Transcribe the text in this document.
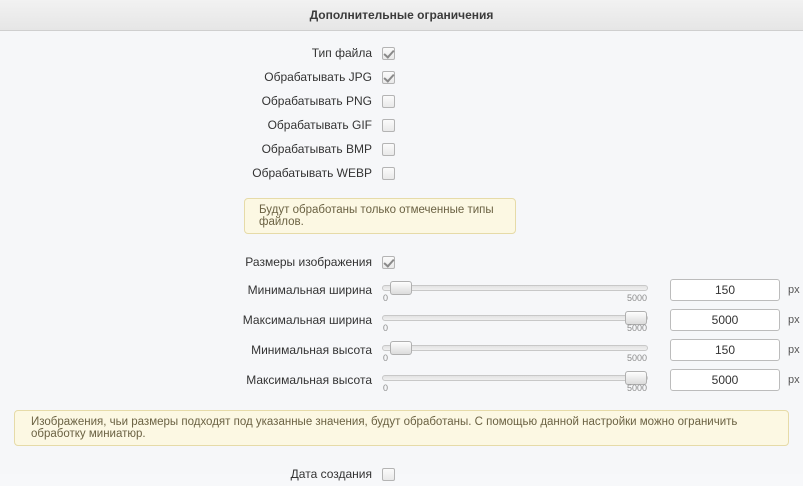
Дополнительные ограничения
Тип файла
Обрабатывать JPG
Обрабатывать PNG
Обрабатывать GIF
Обрабатывать BMP
Обрабатывать WEBP
Будут обработаны только отмеченные типы файлов.
Размеры изображения
Минимальная ширина
0	5000
150
px
Максимальная ширина
0	5000
5000
px
Минимальная высота
0	5000
150
px
Максимальная высота
0	5000
5000
px
Изображения, чьи размеры подходят под указанные значения, будут обработаны. С помощью данной настройки можно ограничить обработку миниатюр.
Дата создания
